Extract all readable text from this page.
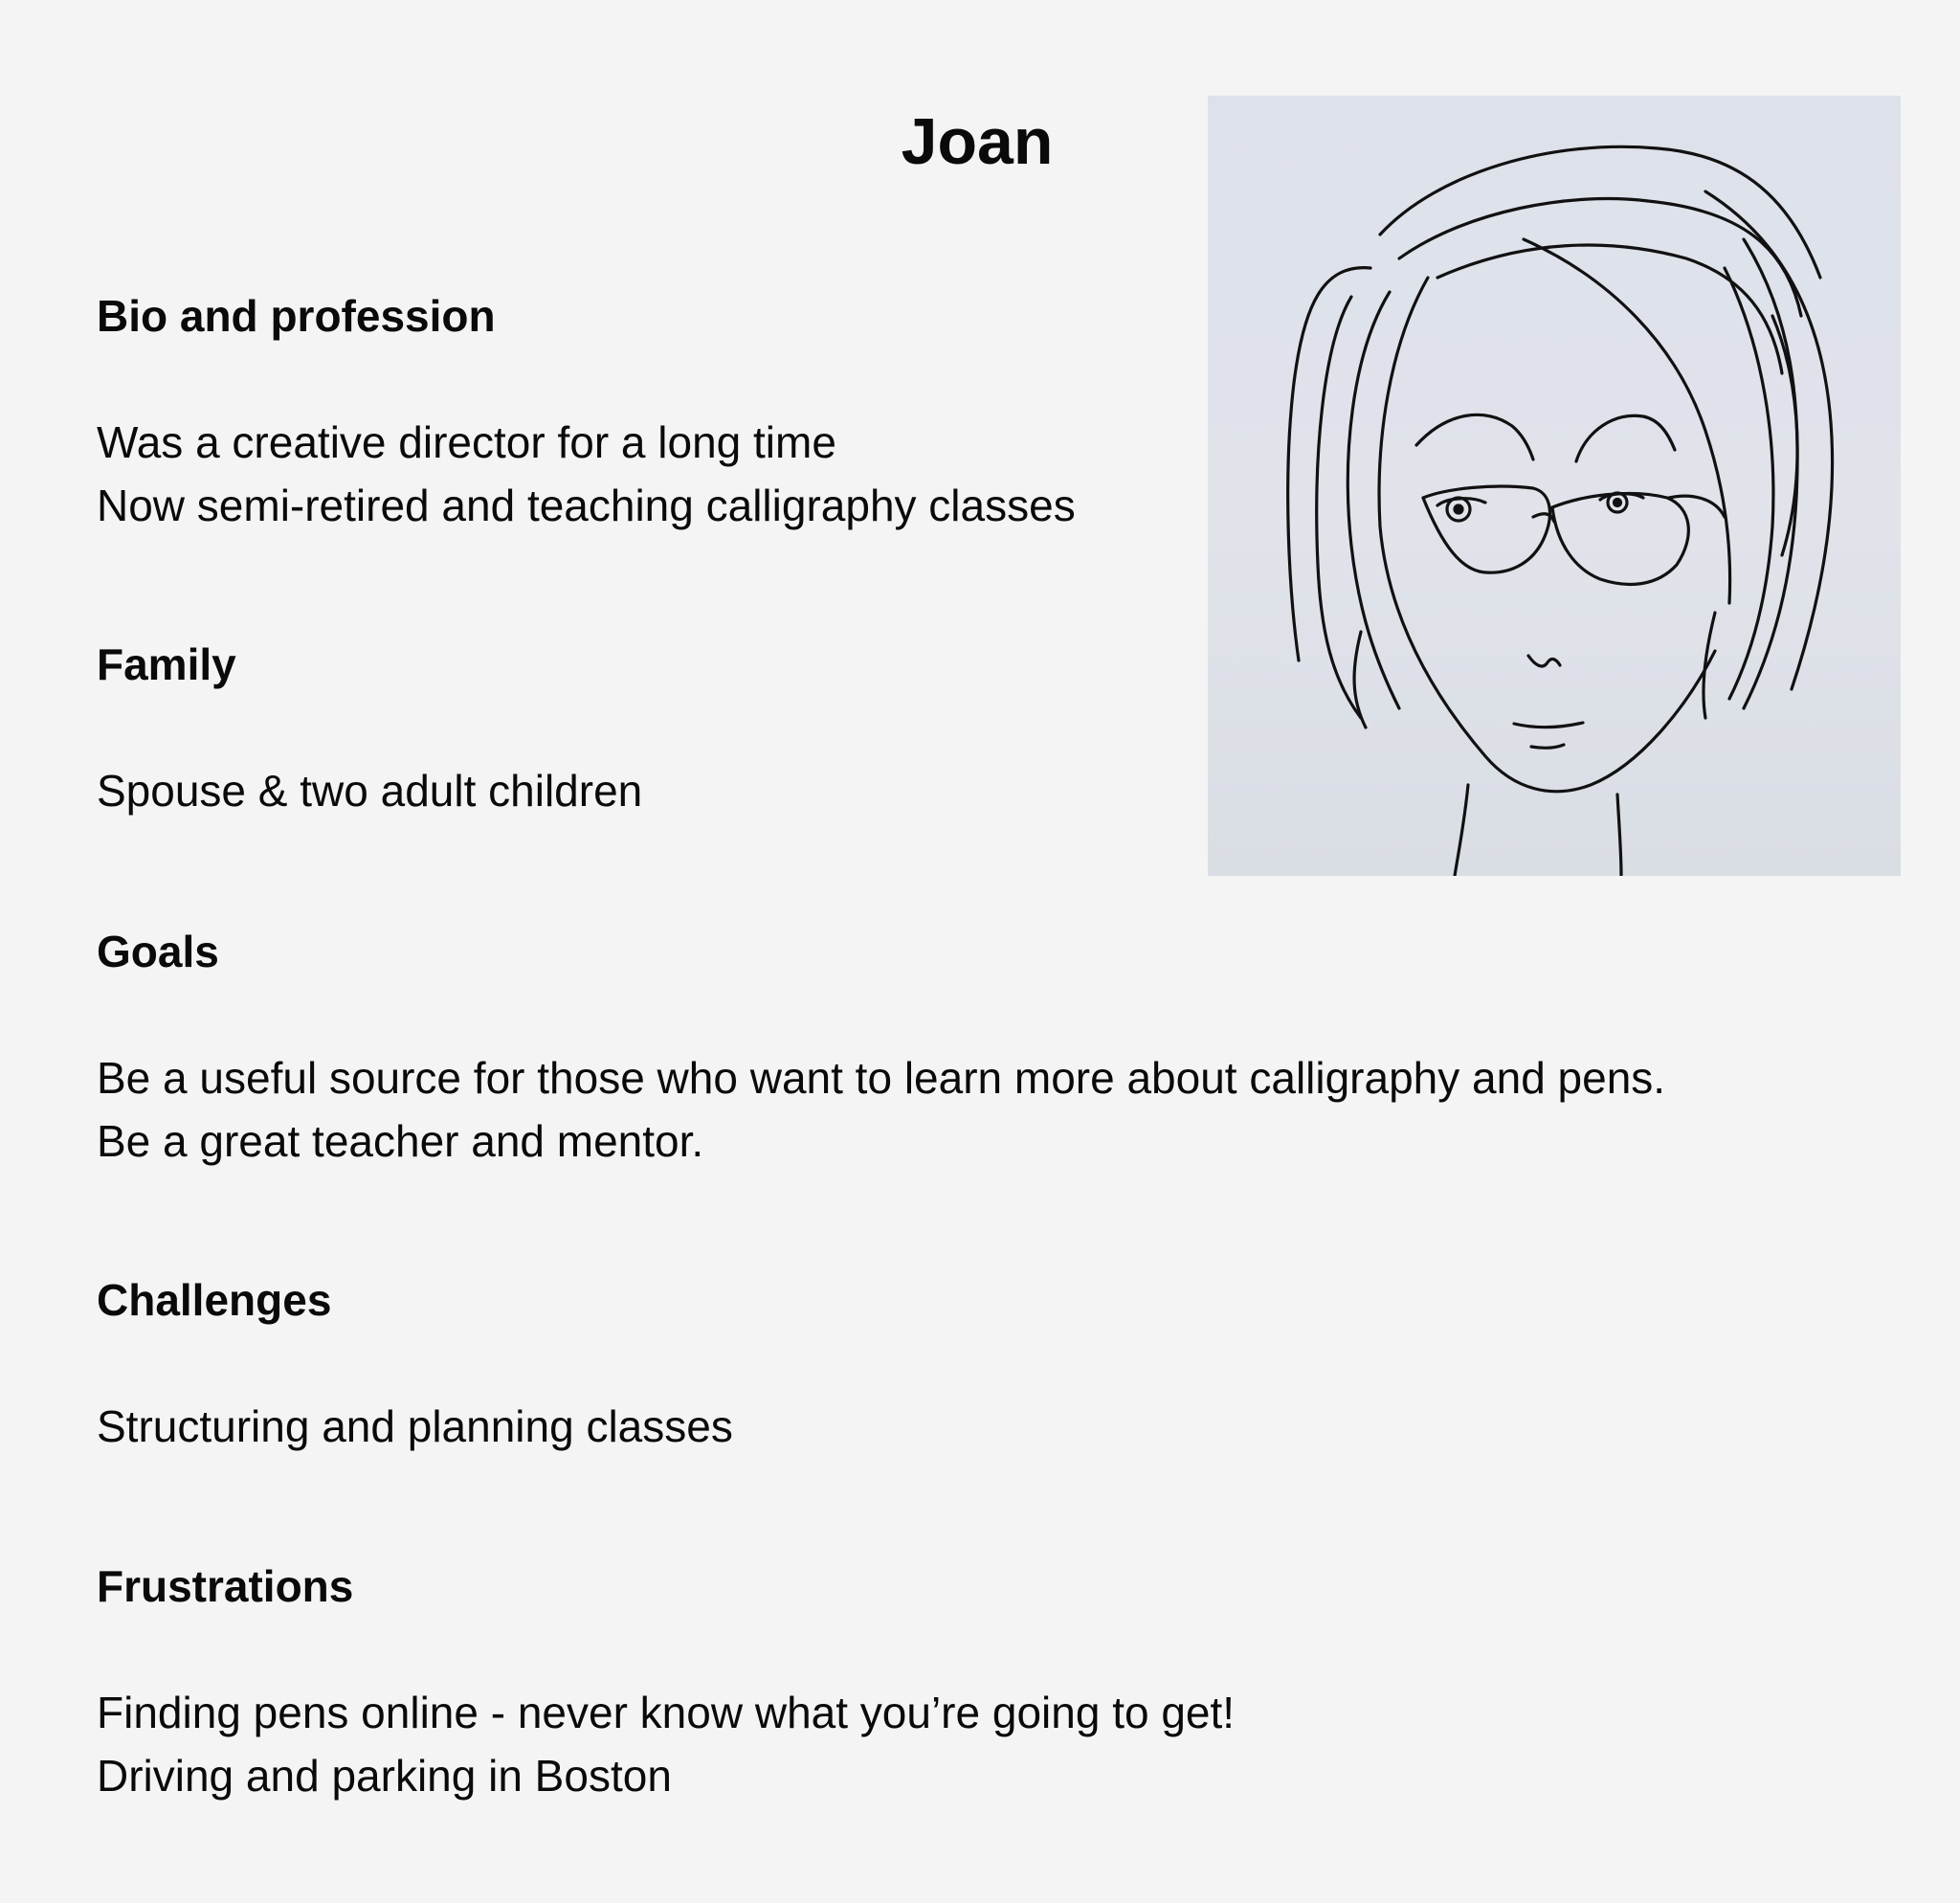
Joan

Bio and profession

Was a creative director for a long time

Now semi-retired and teaching calligraphy classes

Family

Spouse & two adult children

Goals

Be a useful source for those who want to learn more about calligraphy and pens.

Be a great teacher and mentor.

Challenges

Structuring and planning classes

Frustrations

Finding pens online - never know what you’re going to get!

Driving and parking in Boston
